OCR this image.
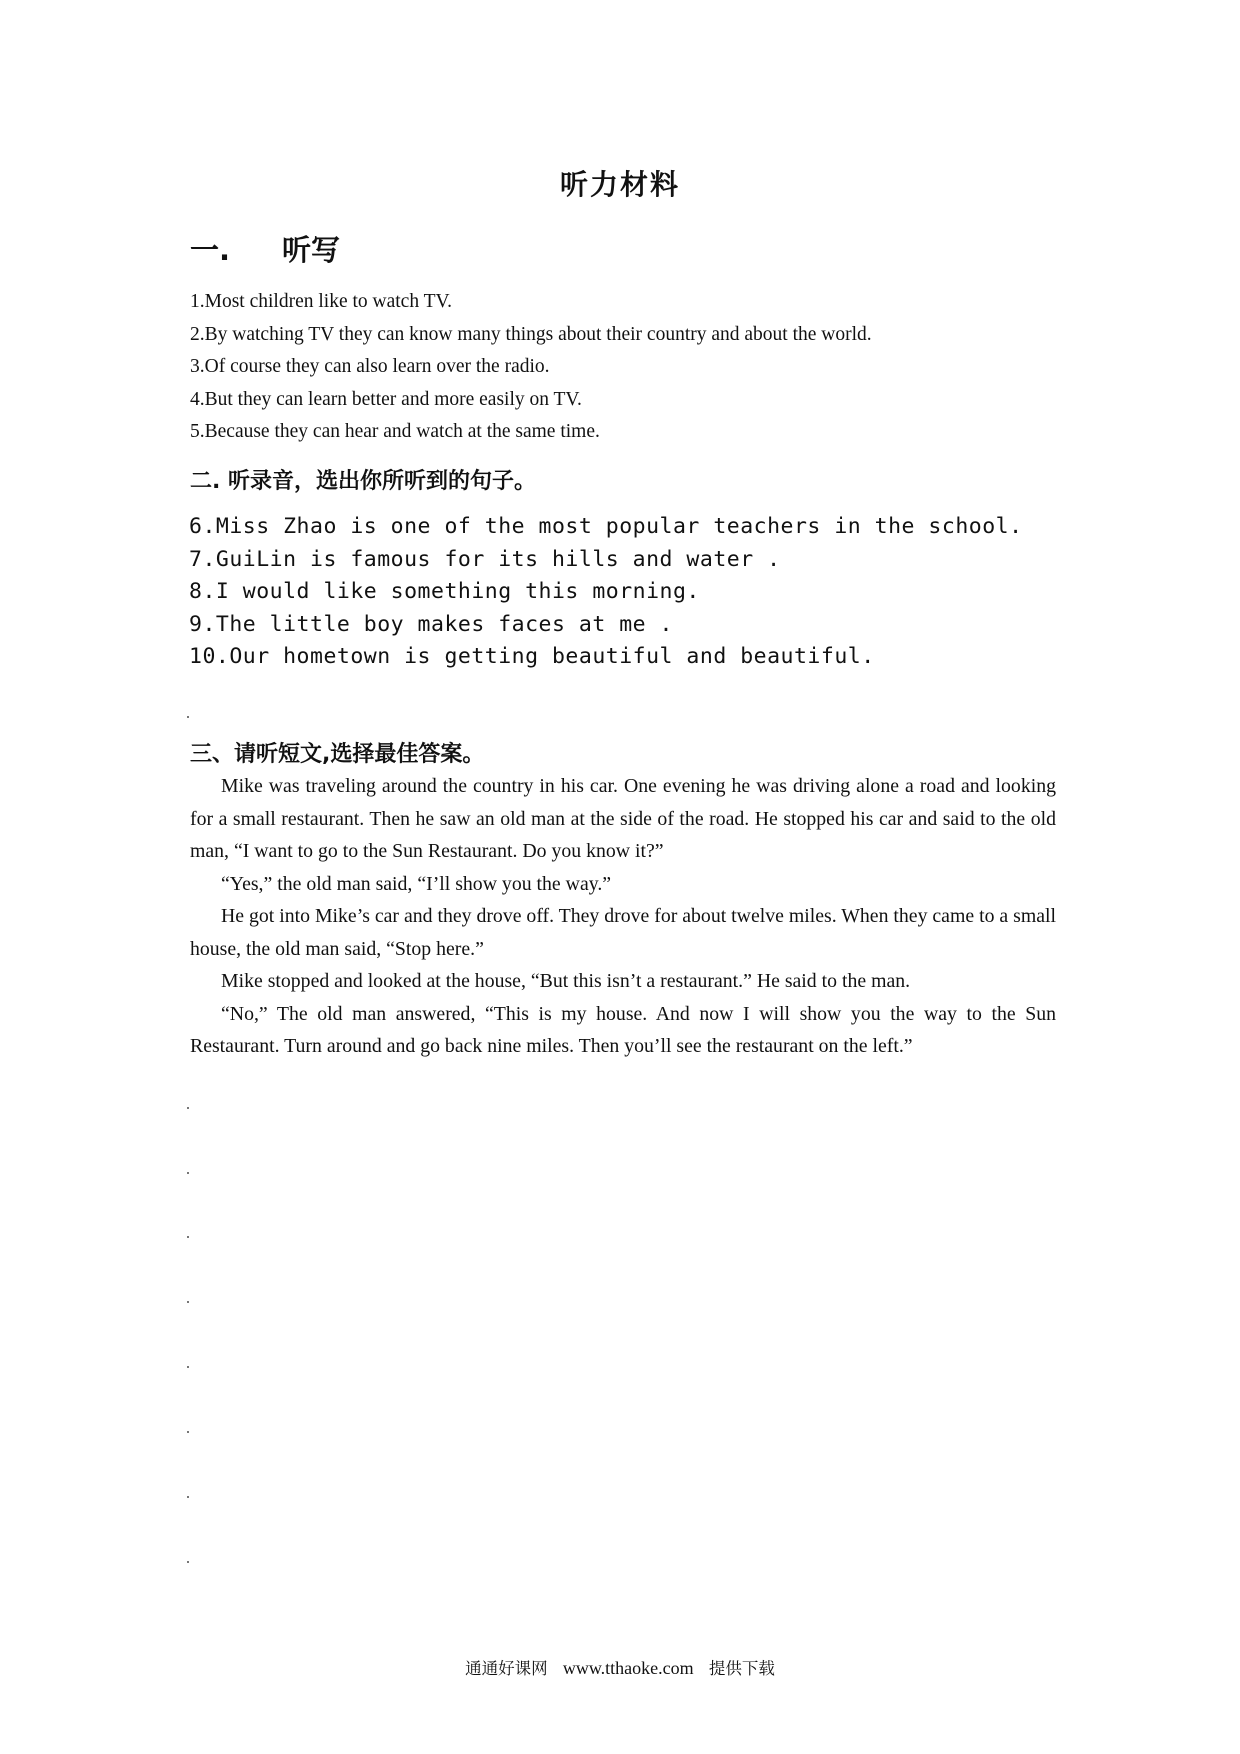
听力材料
一. 听写
1.Most children like to watch TV.
2.By watching TV they can know many things about their country and about the world.
3.Of course they can also learn over the radio.
4.But they can learn better and more easily on TV.
5.Because they can hear and watch at the same time.
二. 听录音，选出你所听到的句子。
6.Miss Zhao is one of the most popular teachers in the school.
7.GuiLin is famous for its hills and water .
8.I would like something this morning.
9.The little boy makes faces at me .
10.Our hometown is getting beautiful and beautiful.
三、请听短文,选择最佳答案。

Mike was traveling around the country in his car. One evening he was driving alone a road and looking for a small restaurant. Then he saw an old man at the side of the road. He stopped his car and said to the old man, “I want to go to the Sun Restaurant. Do you know it?”

“Yes,” the old man said, “I’ll show you the way.”

He got into Mike’s car and they drove off. They drove for about twelve miles. When they came to a small house, the old man said, “Stop here.”

Mike stopped and looked at the house, “But this isn’t a restaurant.” He said to the man.

“No,” The old man answered, “This is my house. And now I will show you the way to the Sun Restaurant. Turn around and go back nine miles. Then you’ll see the restaurant on the left.”

通通好课网 www.tthaoke.com 提供下载
